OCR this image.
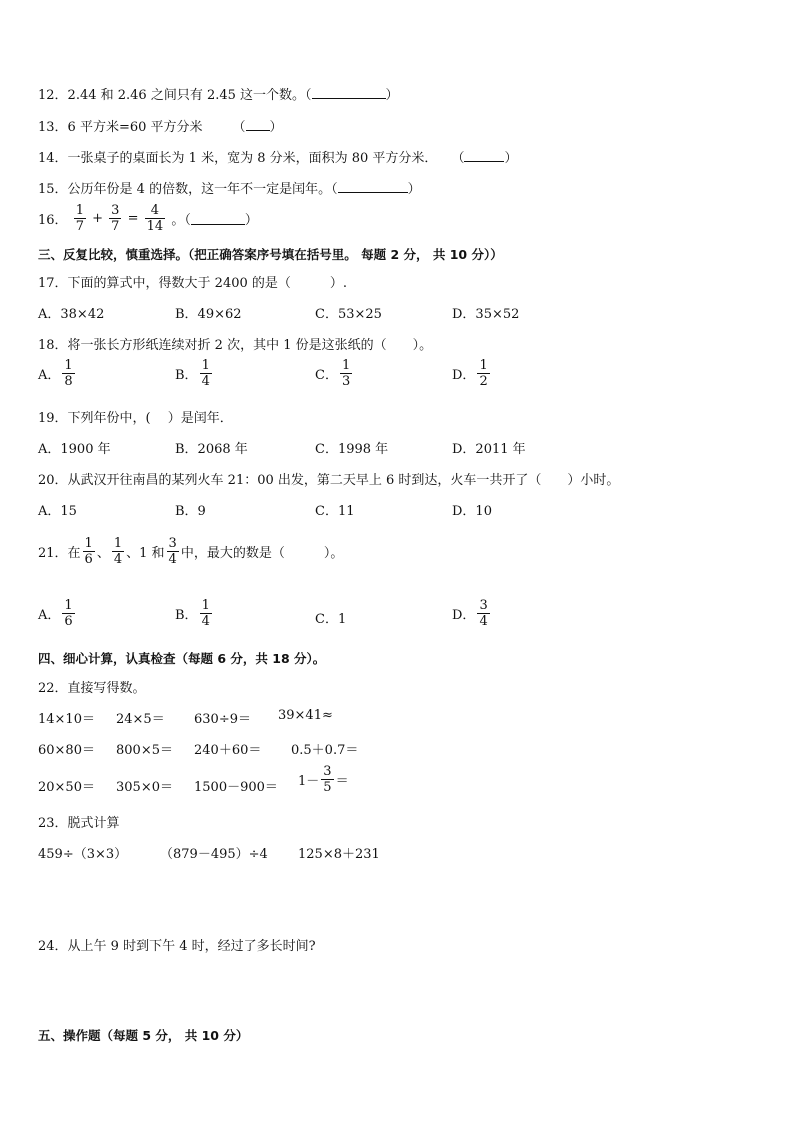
12．2.44 和 2.46 之间只有 2.45 这一个数。（	）
13．6 平方米=60 平方分米 （ ）
14．一张桌子的桌面长为 1 米，宽为 8 分米，面积为 80 平方分米． （	）
15．公历年份是 4 的倍数，这一年不一定是闰年。（	）
16． $\frac{1}{7} + \frac{3}{7} = \frac{4}{14}$ 。（	）
三、反复比较，慎重选择。（把正确答案序号填在括号里。 每题 2 分， 共 10 分））
17．下面的算式中，得数大于 2400 的是（　　　）.
A．38×42	B．49×62	C．53×25	D．35×52
18．将一张长方形纸连续对折 2 次，其中 1 份是这张纸的（　　）。
A． $\frac{1}{8}$	B． $\frac{1}{4}$	C． $\frac{1}{3}$	D． $\frac{1}{2}$
19．下列年份中，(　 ）是闰年．
A．1900 年	B．2068 年	C．1998 年	D．2011 年
20．从武汉开往南昌的某列火车 21：00 出发，第二天早上 6 时到达，火车一共开了（　　）小时。
A．15	B．9	C．11	D．10
21．在 $\frac{1}{6}$ 、 $\frac{1}{4}$ 、1 和 $\frac{3}{4}$ 中，最大的数是（　　　）。
A． $\frac{1}{6}$	B． $\frac{1}{4}$	C．1	D． $\frac{3}{4}$
四、细心计算，认真检查（每题 6 分，共 18 分）。
22．直接写得数。
14×10＝ 24×5＝ 630÷9＝ 39×41≈
60×80＝ 800×5＝ 240＋60＝ 0.5＋0.7＝
$20\times 50= 305\times 0= 1500-900= 1- \frac{3}{5}$ ＝
23．脱式计算
459÷（3×3）	（879－495）÷4 125×8＋231
24．从上午 9 时到下午 4 时，经过了多长时间?
五、操作题（每题 5 分， 共 10 分）
